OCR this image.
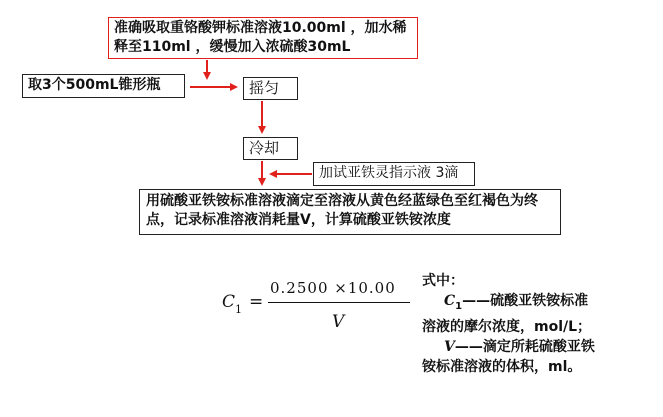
准确吸取重铬酸钾标准溶液10.00ml ，加水稀释至110ml ，缓慢加入浓硫酸30mL
取3个500mL锥形瓶	摇匀
冷却
加试亚铁灵指示液 3滴
用硫酸亚铁铵标准溶液滴定至溶液从黄色经蓝绿色至红褐色为终点，记录标准溶液消耗量V，计算硫酸亚铁铵浓度
$C_1$ =
0.2500 ×10.00
V

式中：

$C_1——$硫酸亚铁铵标准

溶液的摩尔浓度，mol/L；

V——滴定所耗硫酸亚铁

铵标准溶液的体积，ml。
